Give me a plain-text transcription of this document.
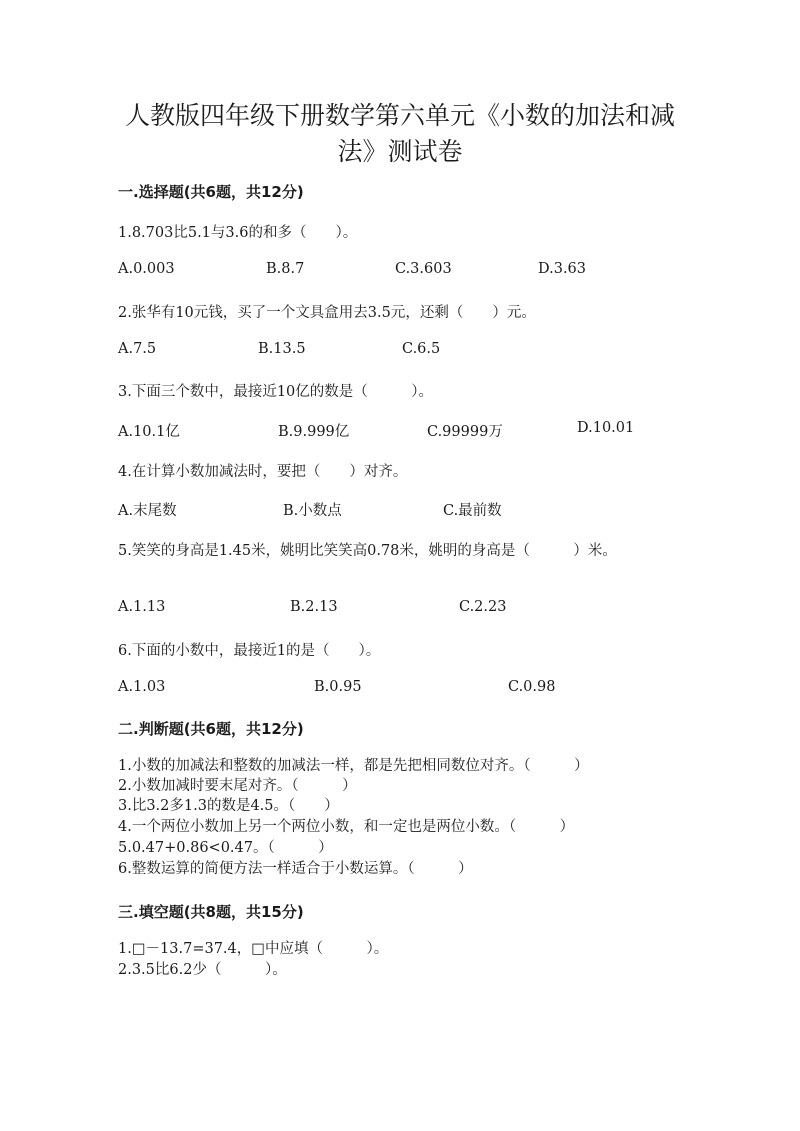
人教版四年级下册数学第六单元《小数的加法和减
法》测试卷
一.选择题(共6题，共12分)
1.8.703比5.1与3.6的和多（　　）。
A.0.003	B.8.7	C.3.603	D.3.63
2.张华有10元钱，买了一个文具盒用去3.5元，还剩（　　）元。
A.7.5	B.13.5	C.6.5
3.下面三个数中，最接近10亿的数是（　　　）。
A.10.1亿	B.9.999亿	C.99999万	D.10.01
4.在计算小数加减法时，要把（　　）对齐。
A.末尾数	B.小数点	C.最前数
5.笑笑的身高是1.45米，姚明比笑笑高0.78米，姚明的身高是（　　　）米。
A.1.13	B.2.13	C.2.23
6.下面的小数中，最接近1的是（　　）。
A.1.03	B.0.95	C.0.98
二.判断题(共6题，共12分)
1.小数的加减法和整数的加减法一样，都是先把相同数位对齐。（　　　）
2.小数加减时要末尾对齐。（　　　）
3.比3.2多1.3的数是4.5。（　　）
4.一个两位小数加上另一个两位小数，和一定也是两位小数。（　　　）
5.0.47+0.86<0.47。（　　　）
6.整数运算的简便方法一样适合于小数运算。（　　　）
三.填空题(共8题，共15分)
1.□－13.7=37.4，□中应填（　　　）。
2.3.5比6.2少（　　　）。
